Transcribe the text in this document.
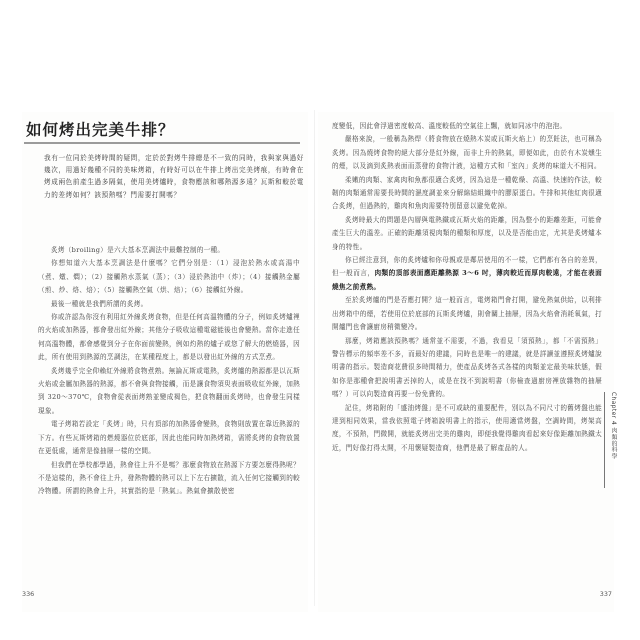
如何烤出完美牛排？
我有一位同於美烤時間的疑問，定於於對烤牛排總是不一致的同時，我與家與過好幾次，用過好幾種不同的美味烤箱，有時好可以在牛排上烤出完美烤痕，有時會在烤成兩色前產生過多隔氣，使用美烤爐時，食物應該和哪熱源多遠？瓦斯和較於電力的差烤如何？該預熱嗎？門需要打開嗎？

炙烤（broiling）是六大基本烹調法中最難控制的一種。

你想知道六大基本烹調法是什麼嗎？它們分別是：（1）浸泡於熱水或高湯中（煮、燉、燜）；（2）接觸熱水蒸氣（蒸）；（3）浸於熱油中（炸）；（4）接觸熱金屬（煎、炒、烙、焙）；（5）接觸熱空氣（烘、焙）；（6）接觸紅外線。

最後一種就是我們所謂的炙烤。

你或許認為你沒有利用紅外線炙烤食物，但是任何高溫物體的分子，例如炙烤爐裡的火焰或加熱器，都會發出紅外線；其他分子吸收這種電磁能後也會變熱。當你走進任何高溫物體，都會感覺到分子在你面前變熱，例如灼熱的爐子或您了解大的燃燒器，因此，所有使用到熱源的烹調法，在某種程度上，都是以發出紅外線的方式烹煮。

炙烤幾乎完全仰賴紅外線將食物煮熟。無論瓦斯或電熱，炙烤爐的熱源都是以瓦斯火焰或金屬加熱器的熱源，都不會與食物接觸，而是讓食物須臾表面吸收紅外線，加熱到 320～370℃，食物會從表面烤熟並變成褐色，把食物翻面炙烤時，也會發生同樣現象。

電子烤箱若設定「炙烤」時，只有頂部的加熱器會變熱，食物則放置在靠近熱源的下方。有些瓦斯烤箱的燃燒器位於底部，因此也能同時加熱烤箱，需將炙烤的食物放置在更低處，通常是像抽屜一樣的空間。

但我們在學校都學過，熱會往上升不是嗎？那麼食物放在熱源下方要怎麼得熱呢？不是這樣的，熱不會往上升，發熱物體的熱可以上下左右擴散，流入任何它接觸到的較冷物體。所謂的熱會上升，其實指的是「熱氣」。熱氣會擴散使密

336

度變低，因此會浮過密度較高、溫度較低的空氣往上飄，就如同冰中的泡泡。

嚴格來說，一般稱為熱焊（將食物放在燒熱木炭或瓦斯火焰上）的烹飪法，也可稱為炙烤。因為燒烤食物的絕大部分是紅外線，而非上升的熱氣，即便如此，由於有木炭燻生的煙，以及滴到炙熱表面而蒸發的食物汁液，這種方式和「室內」炙烤的味道大不相同。

柔嫩的肉類、家禽肉和魚都很適合炙烤，因為這是一種乾燥、高溫、快速的作法，較韌的肉類通常需要長時間的濕度調並來分解綿結組織中的膠原蛋白。牛排和其他紅肉很適合炙烤，但過熱的，雞肉和魚肉需要特別留意以避免乾掉。

炙烤時最大的問題是內層與電熱鐵或瓦斯火焰的距離，因為整小的距離差距，可能會產生巨大的溫差。正確的距離須視肉類的種類和厚度，以及是否能由定，尤其是炙烤爐本身的特性。

你已經注意到，你的炙烤爐和你母親或是鄰居使用的不一樣，它們都有各自的差異，但一般而言，肉類的頂部表面應距離熱源 3～6 吋，薄肉較近而厚肉較遠，才能在表面燒焦之前煮熟。

至於炙烤爐的門是否應打開？這一般而言，電烤箱門會打開，避免熱氣供給，以利排出烤箱中的煙，若使用位於底部的瓦斯炙烤爐，則會關上抽屜，因為火焰會消耗氧氣，打開爐門也會讓廚房稍微變冷。

那麼，烤箱應該預熱嗎？通常並不需要，不過，我看見「須預熱」，都「不需預熱」警告標示的頻率差不多，而最好的建議，同時也是唯一的建議，就是詳讀並遵照炙烤爐說明書的指示。製造商花費很多時間精力，使產品炙烤各式各樣的肉類並定最美味狀態，假如你是那種會把說明書丟掉的人，或是在找不到說明書（你檢查過廚房裡放雜物的抽屜嗎？）可以向製造商再要一份免費的。

記住，烤箱附的「盛油烤盤」是不可或缺的重要配件，別以為不同尺寸的舊烤盤也能達到相同效果，當我依照電子烤箱說明書上的指示，使用適當烤盤，空調時間，烤架高度，不預熱，門微開，就能炙烤出完美的雞肉，即便我覺得雞肉看起來好像距離加熱鐵太近，門好像打得太開，不用懷疑製造商，他們是最了解產品的人。

337
Chapter 4 肉類的科學
